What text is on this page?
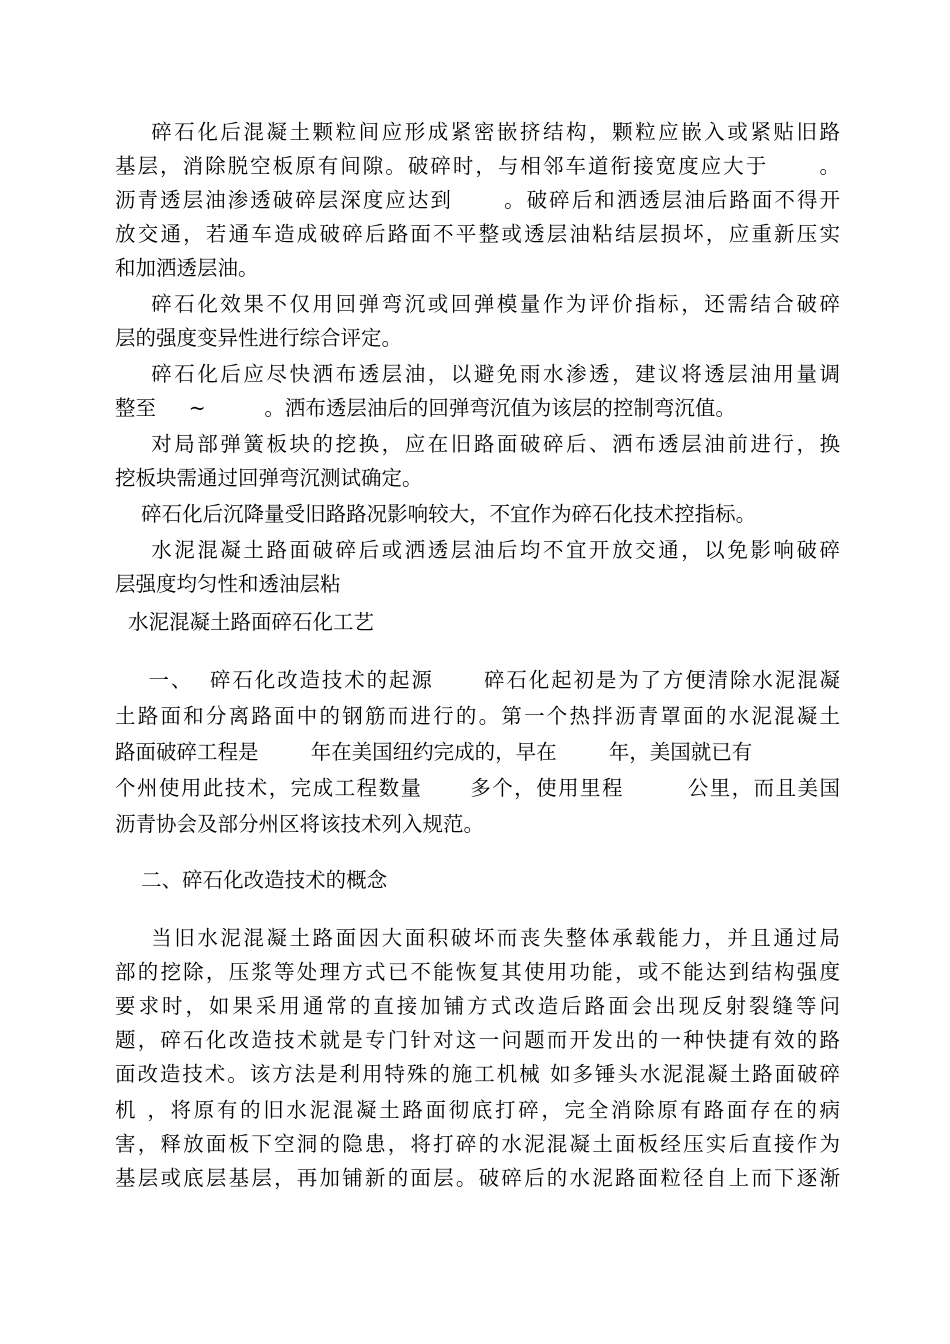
碎石化后混凝土颗粒间应形成紧密嵌挤结构，颗粒应嵌入或紧贴旧路
基层，消除脱空板原有间隙。破碎时，与相邻车道衔接宽度应大于      。
沥青透层油渗透破碎层深度应达到      。破碎后和洒透层油后路面不得开
放交通，若通车造成破碎后路面不平整或透层油粘结层损坏，应重新压实
和加洒透层油。
碎石化效果不仅用回弹弯沉或回弹模量作为评价指标，还需结合破碎
层的强度变异性进行综合评定。
碎石化后应尽快洒布透层油，以避免雨水渗透，建议将透层油用量调
整至     ~         。洒布透层油后的回弹弯沉值为该层的控制弯沉值。
对局部弹簧板块的挖换，应在旧路面破碎后、洒布透层油前进行，换
挖板块需通过回弹弯沉测试确定。
碎石化后沉降量受旧路路况影响较大，不宜作为碎石化技术控指标。
水泥混凝土路面破碎后或洒透层油后均不宜开放交通，以免影响破碎
层强度均匀性和透油层粘
水泥混凝土路面碎石化工艺
一、  碎石化改造技术的起源      碎石化起初是为了方便清除水泥混凝
土路面和分离路面中的钢筋而进行的。第一个热拌沥青罩面的水泥混凝土
路面破碎工程是        年在美国纽约完成的，早在        年，美国就已有
个州使用此技术，完成工程数量      多个，使用里程        公里，而且美国
沥青协会及部分州区将该技术列入规范。
二、碎石化改造技术的概念
当旧水泥混凝土路面因大面积破坏而丧失整体承载能力，并且通过局
部的挖除，压浆等处理方式已不能恢复其使用功能，或不能达到结构强度
要求时，如果采用通常的直接加铺方式改造后路面会出现反射裂缝等问
题，碎石化改造技术就是专门针对这一问题而开发出的一种快捷有效的路
面改造技术。该方法是利用特殊的施工机械 如多锤头水泥混凝土路面破碎
机 ，将原有的旧水泥混凝土路面彻底打碎，完全消除原有路面存在的病
害，释放面板下空洞的隐患，将打碎的水泥混凝土面板经压实后直接作为
基层或底层基层，再加铺新的面层。破碎后的水泥路面粒径自上而下逐渐
